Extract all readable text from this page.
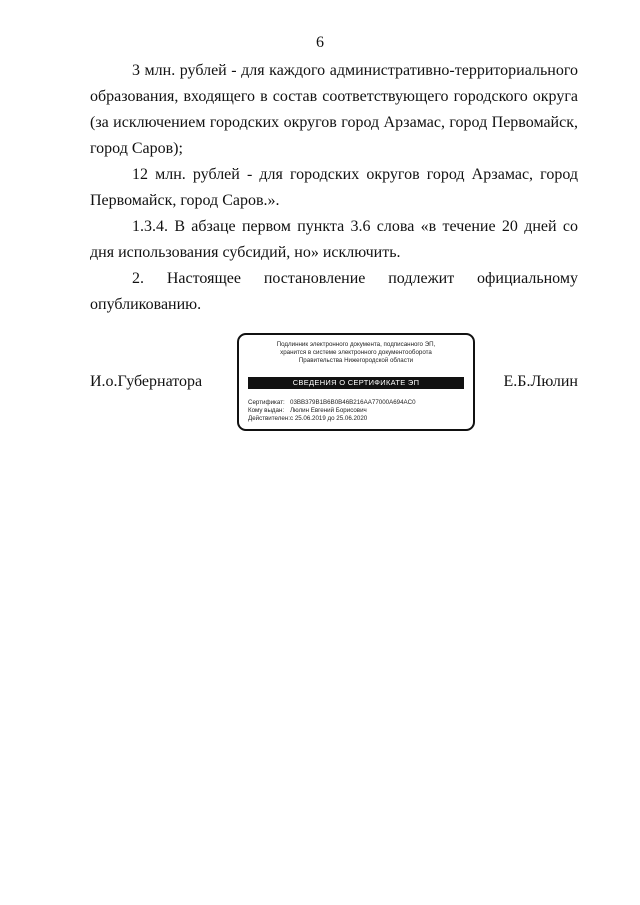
6

3 млн. рублей - для каждого административно-территориального образования, входящего в состав соответствующего городского округа (за исключением городских округов город Арзамас, город Первомайск, город Саров);

12 млн. рублей - для городских округов город Арзамас, город Первомайск, город Саров.».

1.3.4. В абзаце первом пункта 3.6 слова «в течение 20 дней со дня использования субсидий, но» исключить.

2. Настоящее постановление подлежит официальному опубликованию.

И.о.Губернатора	Е.Б.Люлин
Подлинник электронного документа, подписанного ЭП,
хранится в системе электронного документооборота
Правительства Нижегородской области
СВЕДЕНИЯ О СЕРТИФИКАТЕ ЭП
Сертификат: 03BB379B1B6B0B46B216AA77000A694AC0
Кому выдан: Люлин Евгений Борисович
Действителен:с 25.06.2019 до 25.06.2020
